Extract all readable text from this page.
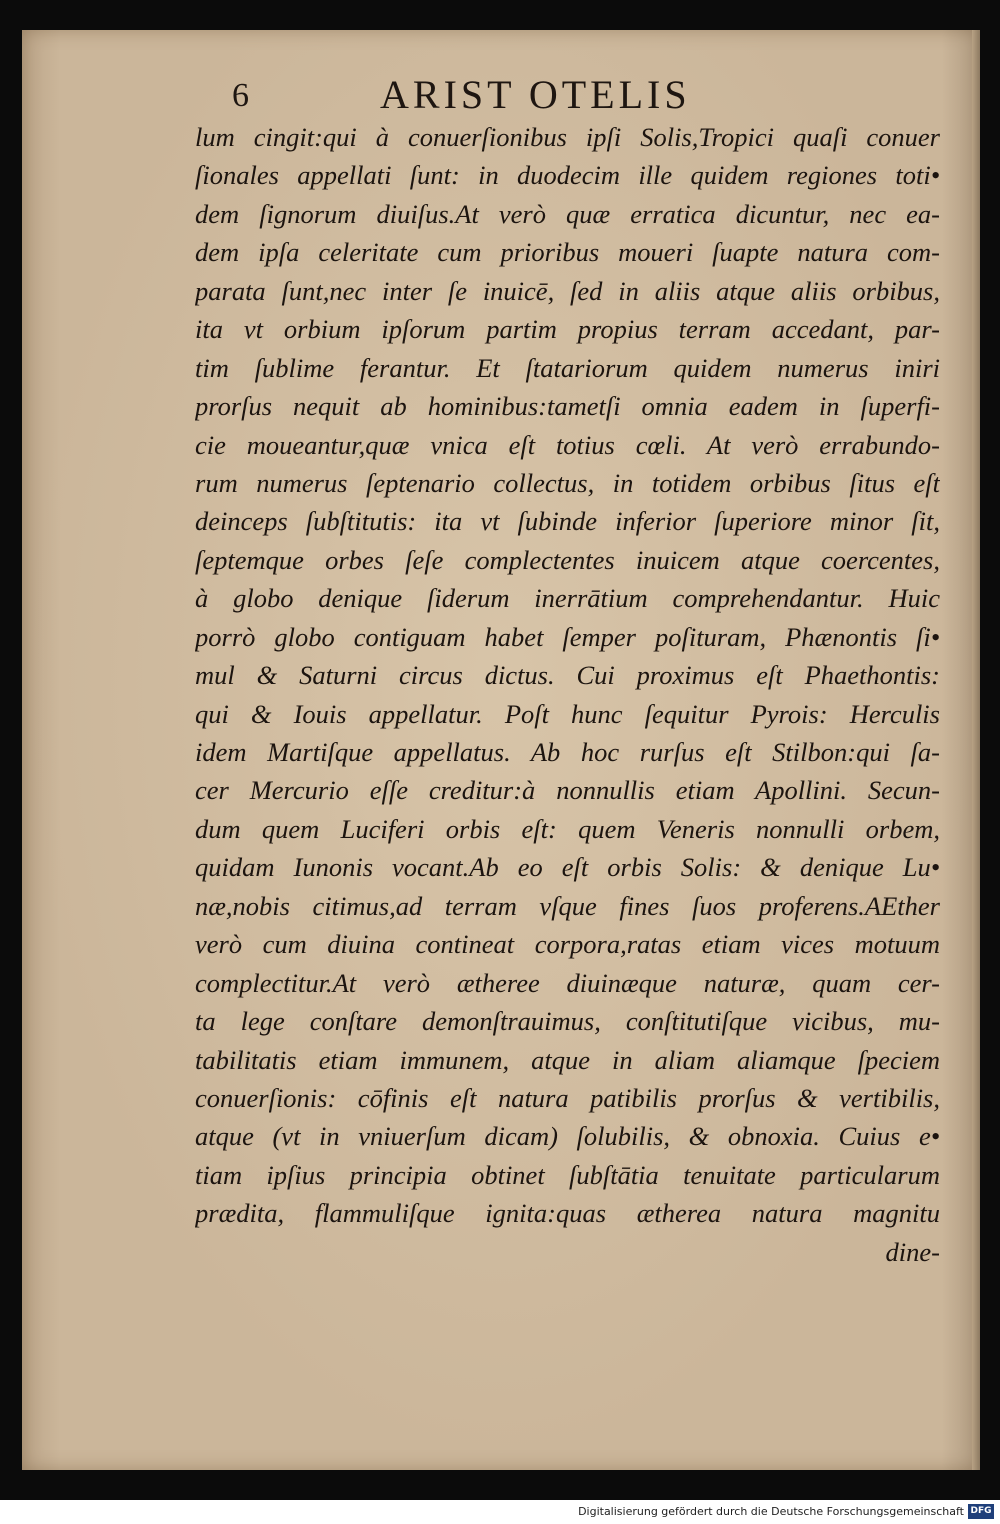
6	ARIST OTELIS
lum cingit:qui à conuerſionibus ipſi Solis,Tropici quaſi conuer
ſionales appellati ſunt: in duodecim ille quidem regiones toti•
dem ſignorum diuiſus.At verò quæ erratica dicuntur, nec ea-
dem ipſa celeritate cum prioribus moueri ſuapte natura com-
parata ſunt,nec inter ſe inuicē, ſed in aliis atque aliis orbibus,
ita vt orbium ipſorum partim propius terram accedant, par-
tim ſublime ferantur. Et ſtatariorum quidem numerus iniri
prorſus nequit ab hominibus:tametſi omnia eadem in ſuperfi-
cie moueantur,quæ vnica eſt totius cœli. At verò errabundo-
rum numerus ſeptenario collectus, in totidem orbibus ſitus eſt
deinceps ſubſtitutis: ita vt ſubinde inferior ſuperiore minor ſit,
ſeptemque orbes ſeſe complectentes inuicem atque coercentes,
à globo denique ſiderum inerrātium comprehendantur. Huic
porrò globo contiguam habet ſemper poſituram, Phænontis ſi•
mul & Saturni circus dictus. Cui proximus eſt Phaethontis:
qui & Iouis appellatur. Poſt hunc ſequitur Pyrois: Herculis
idem Martiſque appellatus. Ab hoc rurſus eſt Stilbon:qui ſa-
cer Mercurio eſſe creditur:à nonnullis etiam Apollini. Secun-
dum quem Luciferi orbis eſt: quem Veneris nonnulli orbem,
quidam Iunonis vocant.Ab eo eſt orbis Solis: & denique Lu•
næ,nobis citimus,ad terram vſque fines ſuos proferens.AEther
verò cum diuina contineat corpora,ratas etiam vices motuum
complectitur.At verò ætheree diuinæque naturæ, quam cer-
ta lege conſtare demonſtrauimus, conſtitutiſque vicibus, mu-
tabilitatis etiam immunem, atque in aliam aliamque ſpeciem
conuerſionis: cōfinis eſt natura patibilis prorſus & vertibilis,
atque (vt in vniuerſum dicam) ſolubilis, & obnoxia. Cuius e•
tiam ipſius principia obtinet ſubſtātia tenuitate particularum
prædita, flammuliſque ignita:quas ætherea natura magnitu
dine-
Digitalisierung gefördert durch die Deutsche Forschungsgemeinschaft DFG
